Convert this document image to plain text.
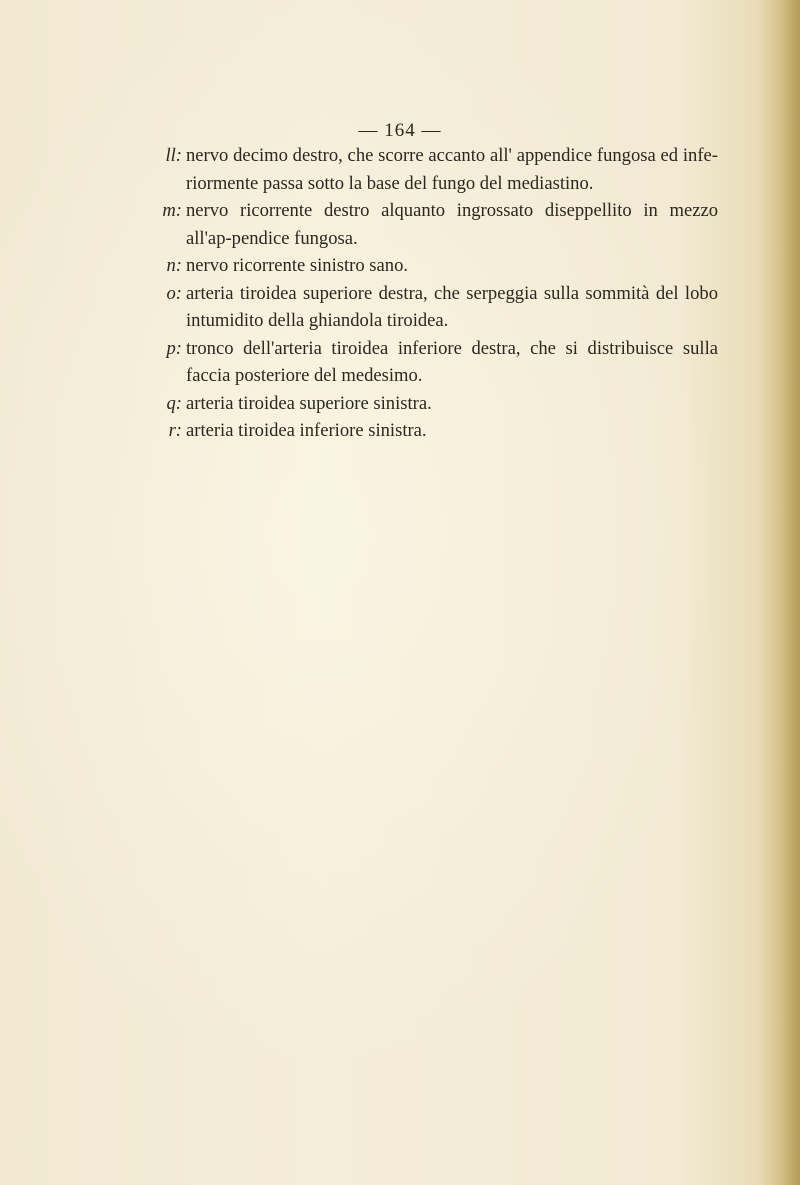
— 164 —

ll: nervo decimo destro, che scorre accanto all' appendice fungosa ed infe-riormente passa sotto la base del fungo del mediastino.

m: nervo ricorrente destro alquanto ingrossato diseppellito in mezzo all'ap-pendice fungosa.

n: nervo ricorrente sinistro sano.

o: arteria tiroidea superiore destra, che serpeggia sulla sommità del lobo intumidito della ghiandola tiroidea.

p: tronco dell'arteria tiroidea inferiore destra, che si distribuisce sulla faccia posteriore del medesimo.

q: arteria tiroidea superiore sinistra.

r: arteria tiroidea inferiore sinistra.
